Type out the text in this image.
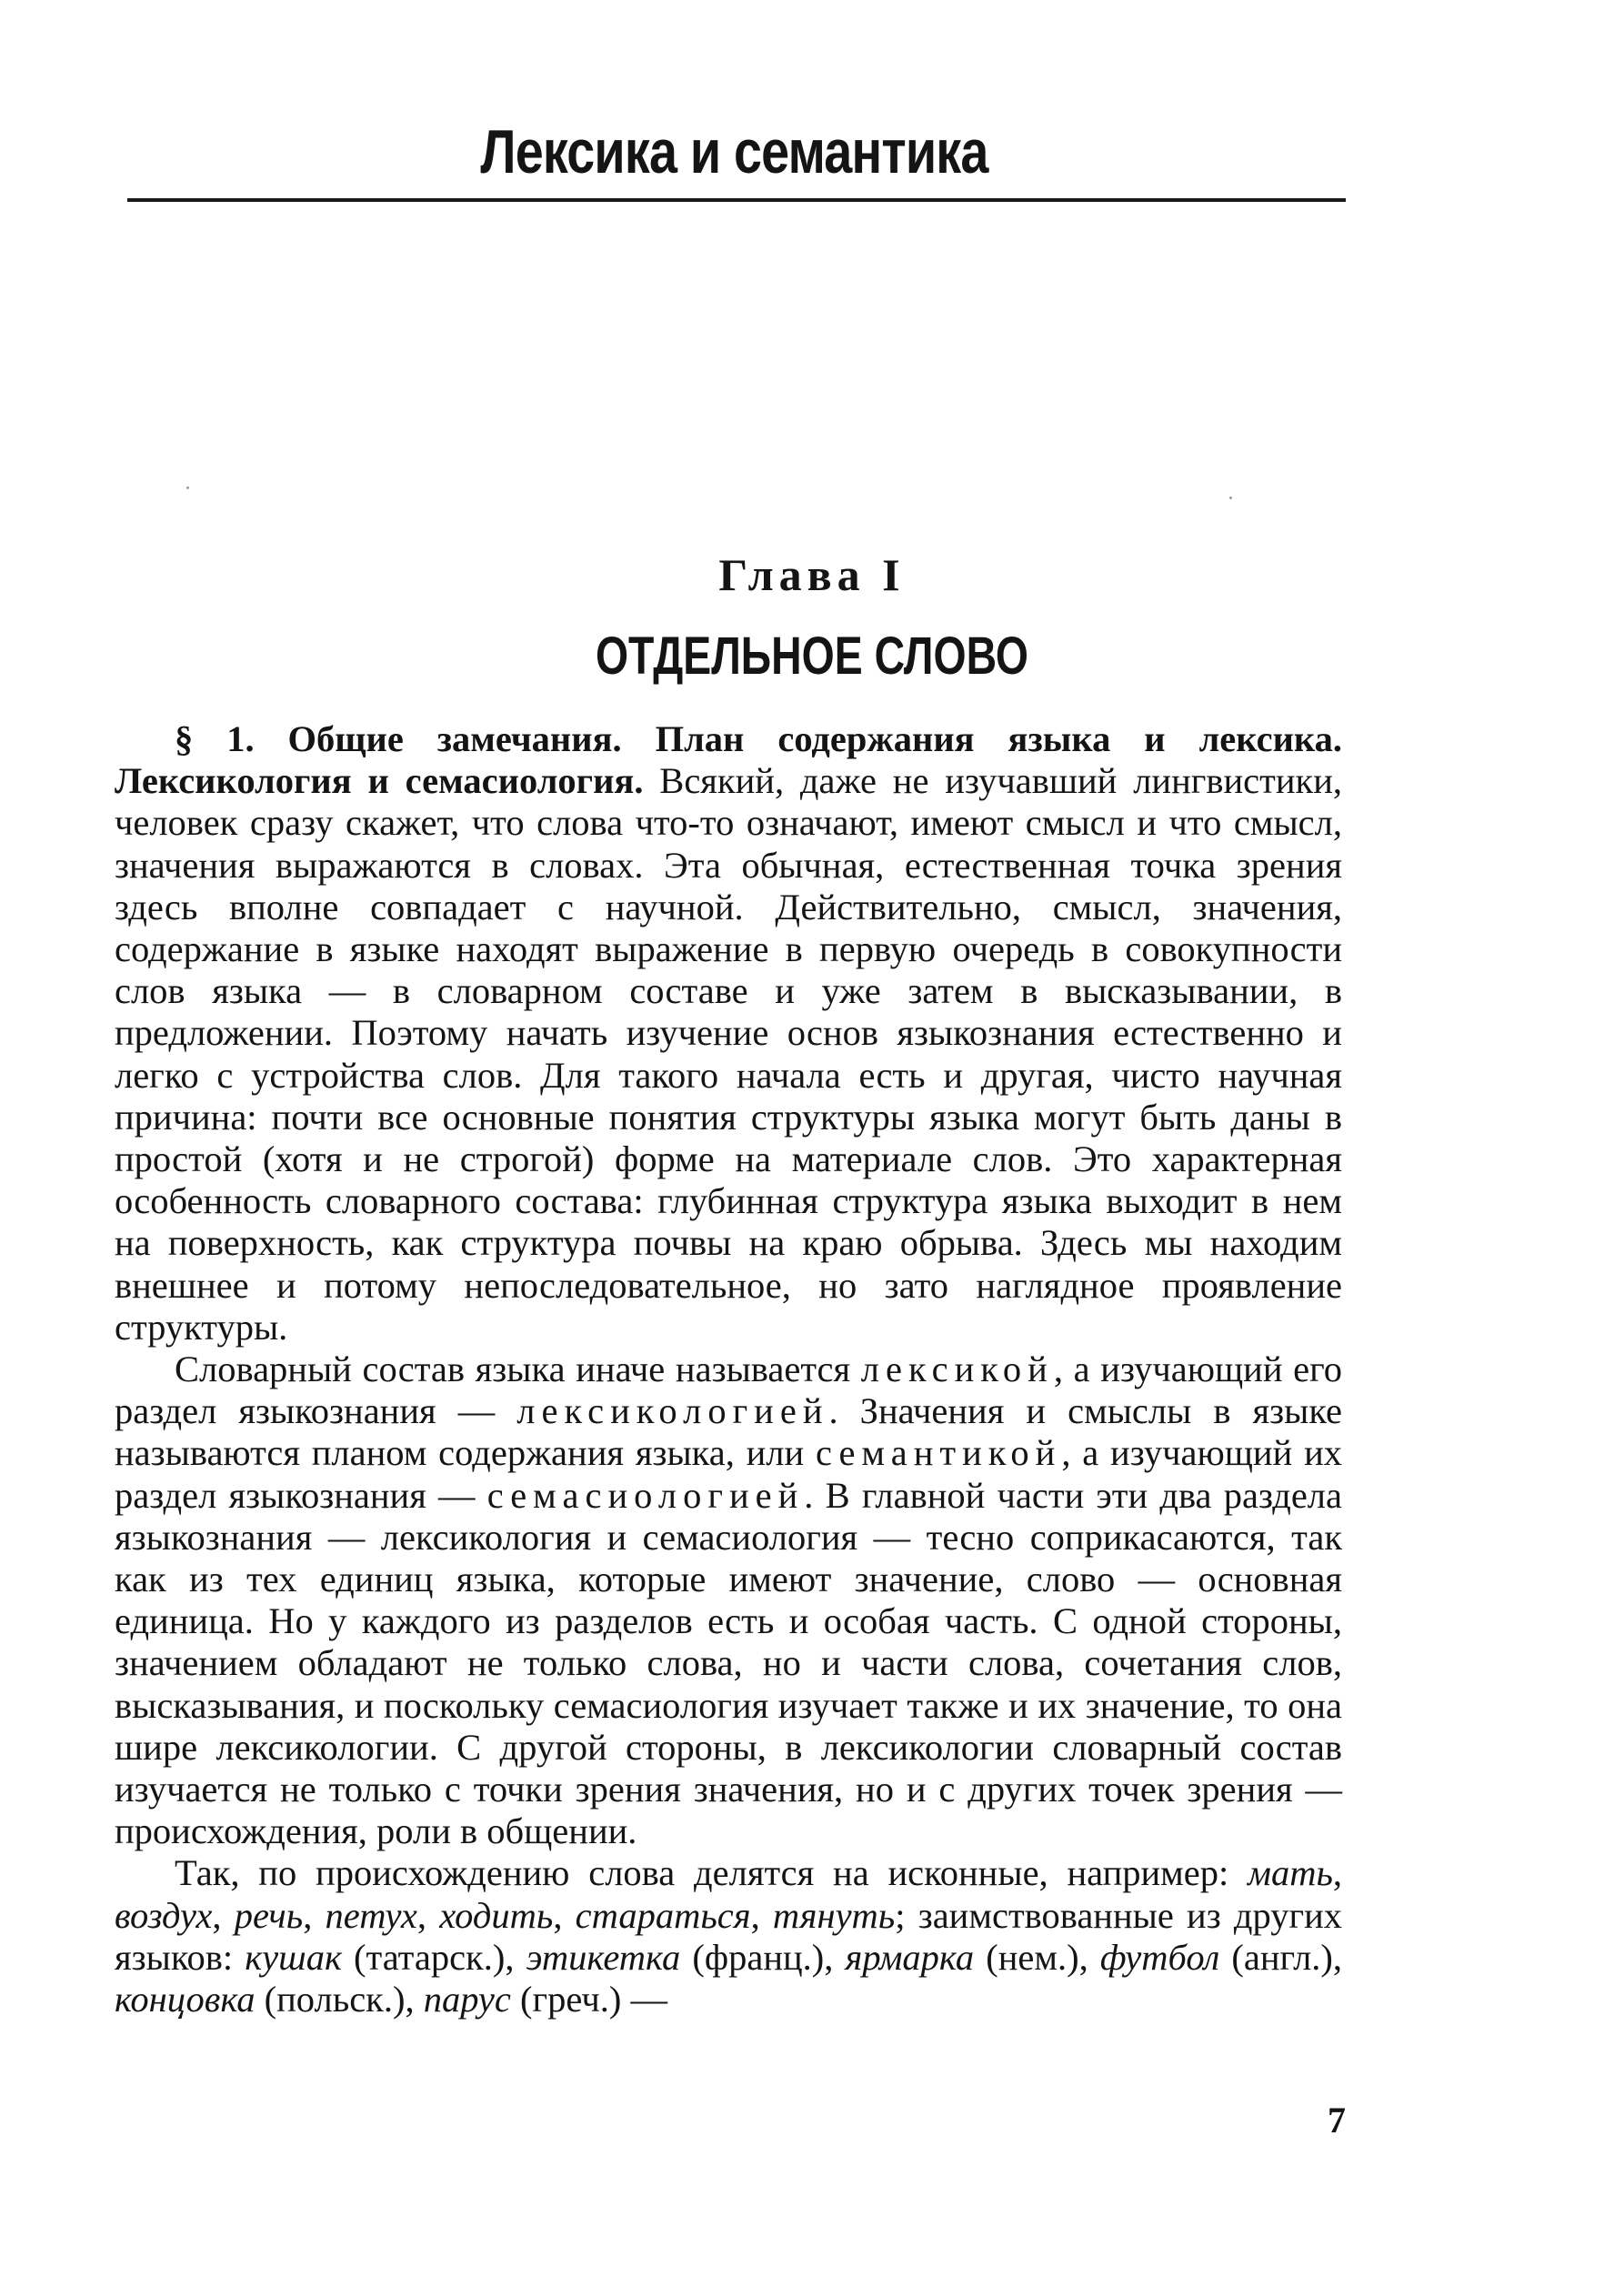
Лексика и семантика
Глава I
ОТДЕЛЬНОЕ СЛОВО

§ 1. Общие замечания. План содержания языка и лексика. Лексикология и семасиология. Всякий, даже не изучавший лингвистики, человек сразу скажет, что слова что-то означают, имеют смысл и что смысл, значения выражаются в словах. Эта обычная, естественная точка зрения здесь вполне совпадает с научной. Действительно, смысл, значения, содержание в языке находят выражение в первую очередь в совокупности слов языка — в словарном составе и уже затем в высказывании, в предложении. Поэтому начать изучение основ языкознания естественно и легко с устройства слов. Для такого начала есть и другая, чисто научная причина: почти все основные понятия структуры языка могут быть даны в простой (хотя и не строгой) форме на материале слов. Это характерная особенность словарного состава: глубинная структура языка выходит в нем на поверхность, как структура почвы на краю обрыва. Здесь мы находим внешнее и потому непоследовательное, но зато наглядное проявление структуры.

Словарный состав языка иначе называется лексикой, а изучающий его раздел языкознания — лексикологией. Значения и смыслы в языке называются планом содержания языка, или семантикой, а изучающий их раздел языкознания — семасиологией. В главной части эти два раздела языкознания — лексикология и семасиология — тесно соприкасаются, так как из тех единиц языка, которые имеют значение, слово — основная единица. Но у каждого из разделов есть и особая часть. С одной стороны, значением обладают не только слова, но и части слова, сочетания слов, высказывания, и поскольку семасиология изучает также и их значение, то она шире лексикологии. С другой стороны, в лексикологии словарный состав изучается не только с точки зрения значения, но и с других точек зрения — происхождения, роли в общении.

Так, по происхождению слова делятся на исконные, например: мать, воздух, речь, петух, ходить, стараться, тянуть; заимствованные из других языков: кушак (татарск.), этикетка (франц.), ярмарка (нем.), футбол (англ.), концовка (польск.), парус (греч.) —

7
